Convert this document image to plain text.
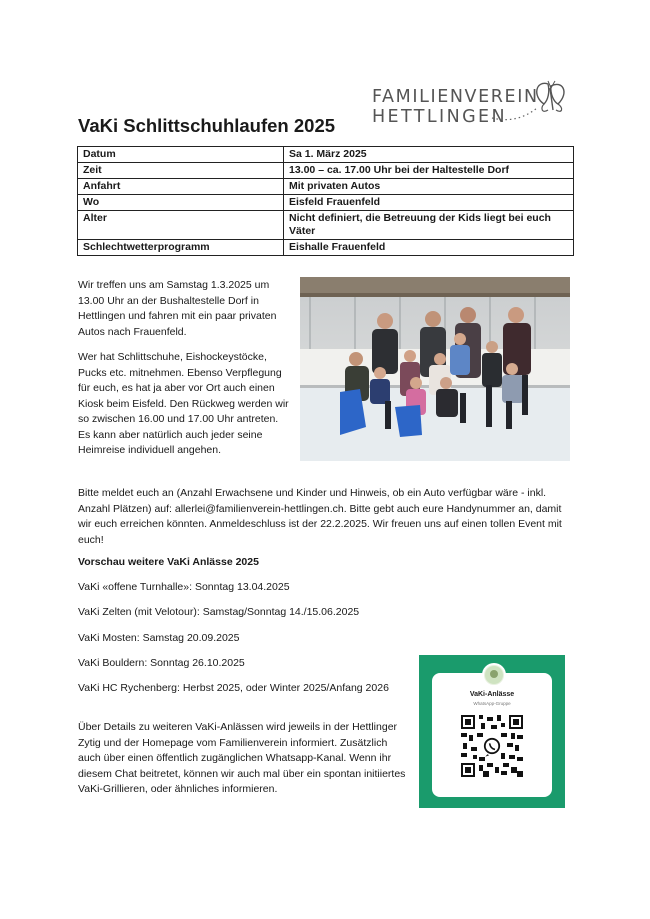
FAMILIENVEREIN
HETTLINGEN
VaKi Schlittschuhlaufen 2025
Datum	Sa 1. März 2025
Zeit	13.00 – ca. 17.00 Uhr bei der Haltestelle Dorf
Anfahrt	Mit privaten Autos
Wo	Eisfeld Frauenfeld
Alter	Nicht definiert, die Betreuung der Kids liegt bei euch Väter
Schlechtwetterprogramm	Eishalle Frauenfeld

Wir treffen uns am Samstag 1.3.2025 um 13.00 Uhr an der Bushaltestelle Dorf in Hettlingen und fahren mit ein paar privaten Autos nach Frauenfeld.

Wer hat Schlittschuhe, Eishockeystöcke, Pucks etc. mitnehmen. Ebenso Verpflegung für euch, es hat ja aber vor Ort auch einen Kiosk beim Eisfeld. Den Rückweg werden wir so zwischen 16.00 und 17.00 Uhr antreten. Es kann aber natürlich auch jeder seine Heimreise individuell angehen.

Bitte meldet euch an (Anzahl Erwachsene und Kinder und Hinweis, ob ein Auto verfügbar wäre - inkl. Anzahl Plätzen) auf: allerlei@familienverein-hettlingen.ch. Bitte gebt auch eure Handynummer an, damit wir euch erreichen könnten. Anmeldeschluss ist der 22.2.2025. Wir freuen uns auf einen tollen Event mit euch!

Vorschau weitere VaKi Anlässe 2025

VaKi «offene Turnhalle»: Sonntag 13.04.2025

VaKi Zelten (mit Velotour): Samstag/Sonntag 14./15.06.2025

VaKi Mosten: Samstag 20.09.2025

VaKi Bouldern: Sonntag 26.10.2025

VaKi HC Rychenberg: Herbst 2025, oder Winter 2025/Anfang 2026

Über Details zu weiteren VaKi-Anlässen wird jeweils in der Hettlinger Zytig und der Homepage vom Familienverein informiert. Zusätzlich auch über einen öffentlich zugänglichen Whatsapp-Kanal. Wenn ihr diesem Chat beitretet, können wir auch mal über ein spontan initiiertes VaKi-Grillieren, oder ähnliches informieren.

VaKi-Anlässe
WhatsApp-Gruppe
